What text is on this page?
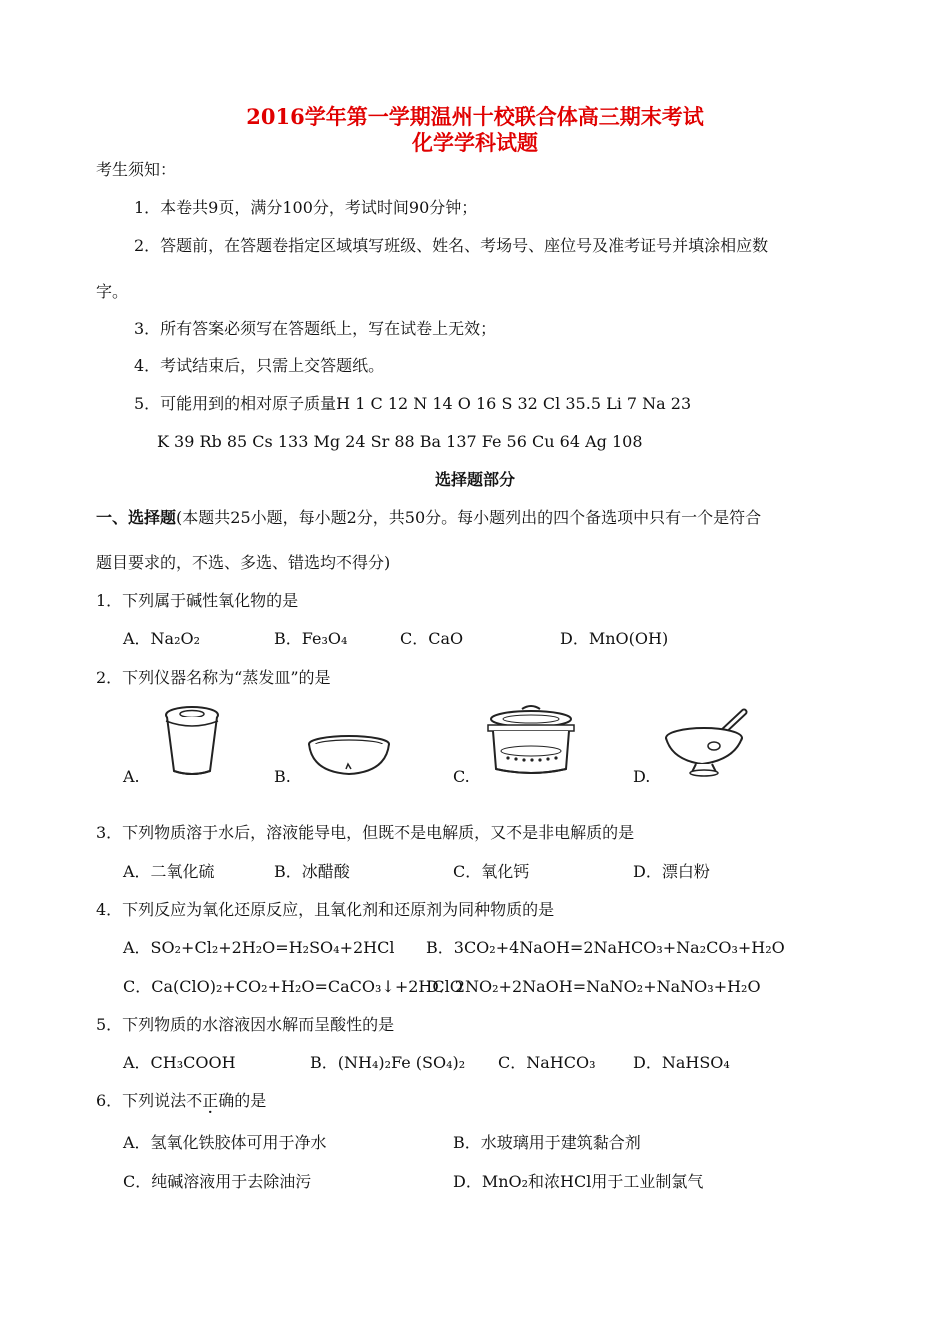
2016学年第一学期温州十校联合体高三期末考试
化学学科试题
考生须知：
1．本卷共9页，满分100分，考试时间90分钟；
2．答题前，在答题卷指定区域填写班级、姓名、考场号、座位号及准考证号并填涂相应数
字。
3．所有答案必须写在答题纸上，写在试卷上无效；
4．考试结束后，只需上交答题纸。
5．可能用到的相对原子质量H 1 C 12 N 14 O 16 S 32 Cl 35.5 Li 7 Na 23
K 39 Rb 85 Cs 133 Mg 24 Sr 88 Ba 137 Fe 56 Cu 64 Ag 108
选择题部分
一、选择题(本题共25小题，每小题2分，共50分。每小题列出的四个备选项中只有一个是符合
题目要求的，不选、多选、错选均不得分)
1．下列属于碱性氧化物的是
A．Na₂O₂	B．Fe₃O₄	C．CaO	D．MnO(OH)
2．下列仪器名称为“蒸发皿”的是
A.	B.	C.	D.
3．下列物质溶于水后，溶液能导电，但既不是电解质，又不是非电解质的是
A．二氧化硫	B．冰醋酸	C．氧化钙	D．漂白粉
4．下列反应为氧化还原反应，且氧化剂和还原剂为同种物质的是
A．SO₂+Cl₂+2H₂O=H₂SO₄+2HCl B．3CO₂+4NaOH=2NaHCO₃+Na₂CO₃+H₂O
C．Ca(ClO)₂+CO₂+H₂O=CaCO₃↓+2HClO
D．2NO₂+2NaOH=NaNO₂+NaNO₃+H₂O
5．下列物质的水溶液因水解而呈酸性的是
A．CH₃COOH	B．(NH₄)₂Fe (SO₄)₂ C．NaHCO₃ D．NaHSO₄
6．下列说法不正确的是
A．氢氧化铁胶体可用于净水	B．水玻璃用于建筑黏合剂
C．纯碱溶液用于去除油污	D．MnO₂和浓HCl用于工业制氯气
